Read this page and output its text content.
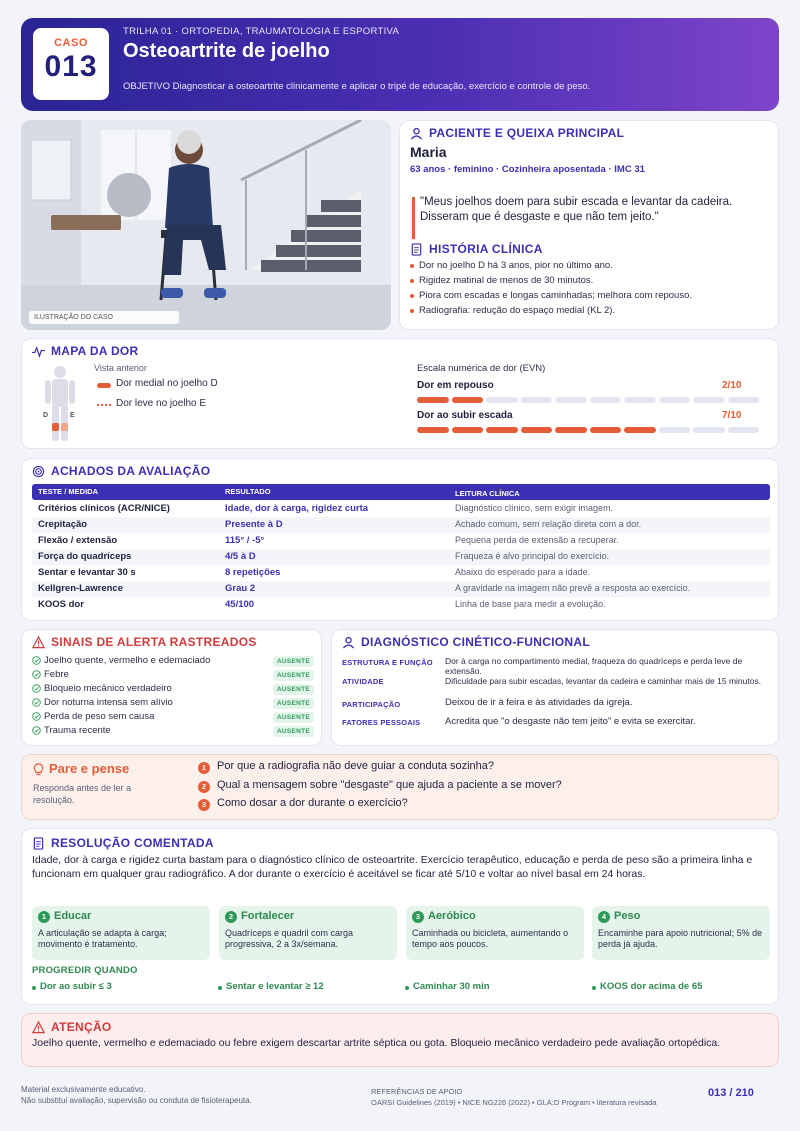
CASO
013
TRILHA 01 · ORTOPEDIA, TRAUMATOLOGIA E ESPORTIVA
Osteoartrite de joelho
OBJETIVO Diagnosticar a osteoartrite clinicamente e aplicar o tripé de educação, exercício e controle de peso.
ILUSTRAÇÃO DO CASO
PACIENTE E QUEIXA PRINCIPAL
Maria
63 anos · feminino · Cozinheira aposentada · IMC 31
"Meus joelhos doem para subir escada e levantar da cadeira. Disseram que é desgaste e que não tem jeito."
HISTÓRIA CLÍNICA
Dor no joelho D há 3 anos, pior no último ano.
Rigidez matinal de menos de 30 minutos.
Piora com escadas e longas caminhadas; melhora com repouso.
Radiografia: redução do espaço medial (KL 2).
MAPA DA DOR
D	E
Vista anterior
Dor medial no joelho D
Dor leve no joelho E
Escala numérica de dor (EVN)
Dor em repouso	2/10
Dor ao subir escada	7/10
ACHADOS DA AVALIAÇÃO
TESTE / MEDIDA	RESULTADO	LEITURA CLÍNICA
Critérios clínicos (ACR/NICE)	Idade, dor à carga, rigidez curta	Diagnóstico clínico, sem exigir imagem.
Crepitação	Presente à D	Achado comum, sem relação direta com a dor.
Flexão / extensão	115° / -5°	Pequena perda de extensão a recuperar.
Força do quadríceps	4/5 à D	Fraqueza é alvo principal do exercício.
Sentar e levantar 30 s	8 repetições	Abaixo do esperado para a idade.
Kellgren-Lawrence	Grau 2	A gravidade na imagem não prevê a resposta ao exercício.
KOOS dor	45/100	Linha de base para medir a evolução.
SINAIS DE ALERTA RASTREADOS
Joelho quente, vermelho e edemaciado	AUSENTE
Febre	AUSENTE
Bloqueio mecânico verdadeiro	AUSENTE
Dor noturna intensa sem alívio	AUSENTE
Perda de peso sem causa	AUSENTE
Trauma recente	AUSENTE
DIAGNÓSTICO CINÉTICO-FUNCIONAL
ESTRUTURA E FUNÇÃO Dor à carga no compartimento medial, fraqueza do quadríceps e perda leve de extensão.
ATIVIDADE	Dificuldade para subir escadas, levantar da cadeira e caminhar mais de 15 minutos.
PARTICIPAÇÃO	Deixou de ir à feira e às atividades da igreja.
FATORES PESSOAIS	Acredita que "o desgaste não tem jeito" e evita se exercitar.
Pare e pense
Responda antes de ler a resolução.
1 Por que a radiografia não deve guiar a conduta sozinha?
2 Qual a mensagem sobre "desgaste" que ajuda a paciente a se mover?
3 Como dosar a dor durante o exercício?
RESOLUÇÃO COMENTADA
Idade, dor à carga e rigidez curta bastam para o diagnóstico clínico de osteoartrite. Exercício terapêutico, educação e perda de peso são a primeira linha e funcionam em qualquer grau radiográfico. A dor durante o exercício é aceitável se ficar até 5/10 e voltar ao nível basal em 24 horas.
1 Educar
A articulação se adapta à carga; movimento é tratamento.
2 Fortalecer
Quadríceps e quadril com carga progressiva, 2 a 3x/semana.
3 Aeróbico
Caminhada ou bicicleta, aumentando o tempo aos poucos.
4 Peso
Encaminhe para apoio nutricional; 5% de perda já ajuda.
PROGREDIR QUANDO
Dor ao subir ≤ 3	Sentar e levantar ≥ 12	Caminhar 30 min	KOOS dor acima de 65
ATENÇÃO
Joelho quente, vermelho e edemaciado ou febre exigem descartar artrite séptica ou gota. Bloqueio mecânico verdadeiro pede avaliação ortopédica.
Material exclusivamente educativo.
Não substitui avaliação, supervisão ou conduta de fisioterapeuta.
REFERÊNCIAS DE APOIO
OARSI Guidelines (2019) • NICE NG226 (2022) • GLA:D Program • literatura revisada
013 / 210
